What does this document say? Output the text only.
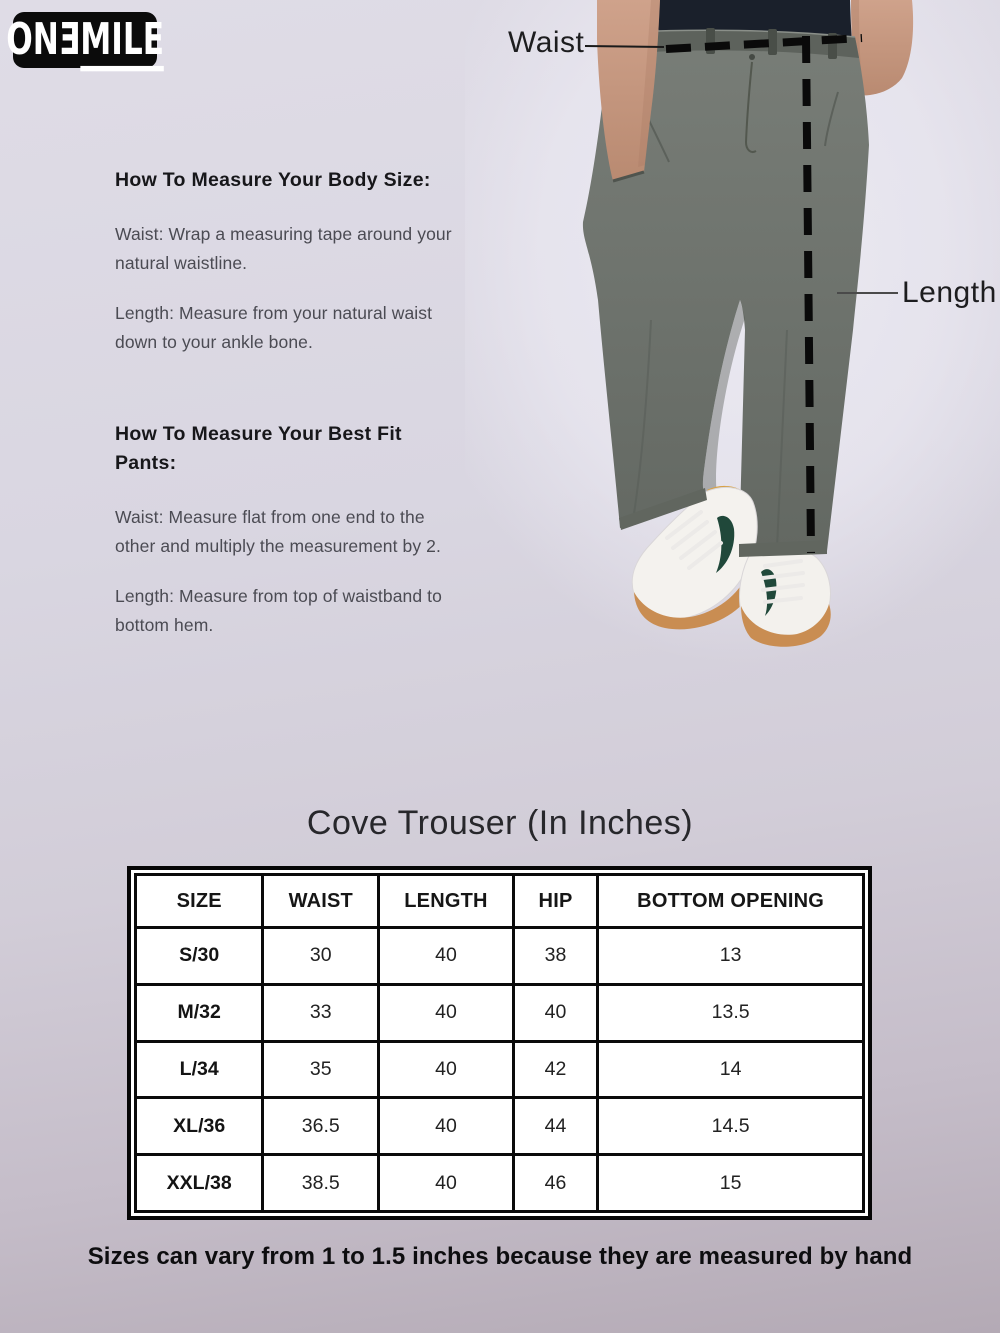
ONƎMILE
How To Measure Your Body Size:

Waist: Wrap a measuring tape around your natural waistline.

Length: Measure from your natural waist down to your ankle bone.

How To Measure Your Best Fit Pants:

Waist: Measure flat from one end to the other and multiply the measurement by 2.

Length: Measure from top of waistband to bottom hem.

Waist
Length
Cove Trouser (In Inches)
SIZE	WAIST	LENGTH	HIP	BOTTOM OPENING
S/30	30	40	38	13
M/32	33	40	40	13.5
L/34	35	40	42	14
XL/36	36.5	40	44	14.5
XXL/38	38.5	40	46	15

Sizes can vary from 1 to 1.5 inches because they are measured by hand
